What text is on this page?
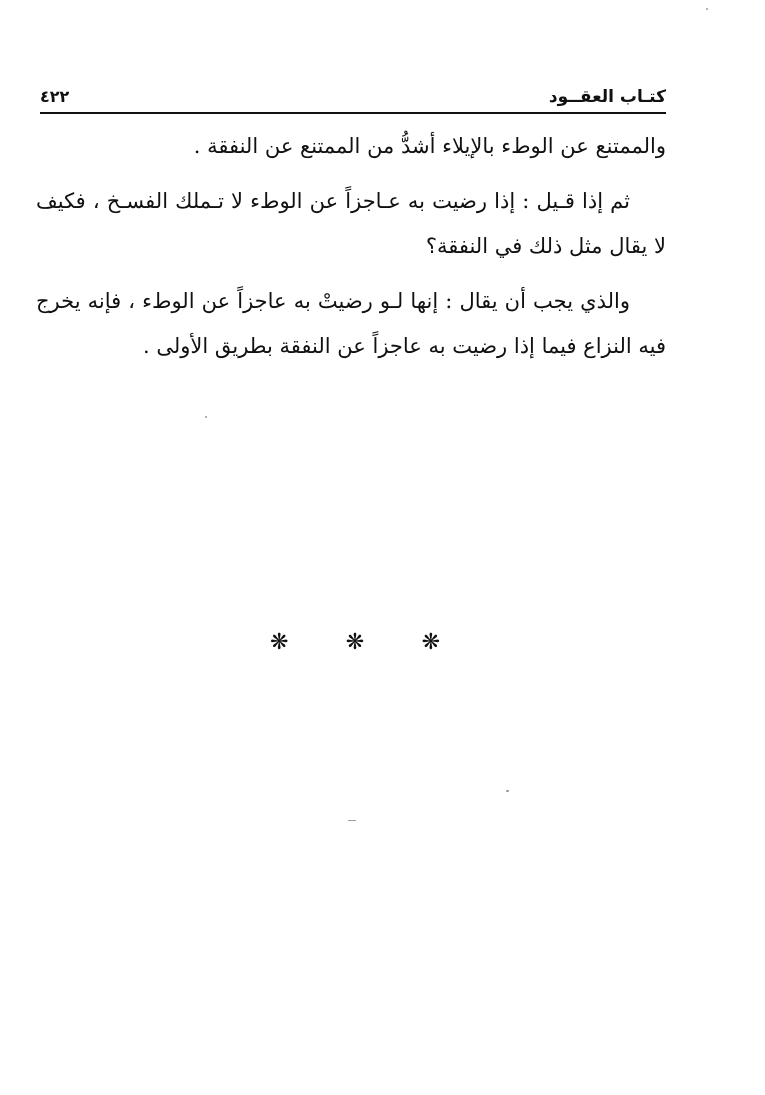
كتـاب العقــود
٤٢٢

والممتنع عن الوطء بالإيلاء أشدُّ من الممتنع عن النفقة .

ثم إذا قـيل : إذا رضيت به عـاجزاً عن الوطء لا تـملك الفسـخ ، فكيف لا يقال مثل ذلك في النفقة؟

والذي يجب أن يقال : إنها لـو رضيتْ به عاجزاً عن الوطء ، فإنه يخرج فيه النزاع فيما إذا رضيت به عاجزاً عن النفقة بطريق الأولى .

❋	❋	❋
